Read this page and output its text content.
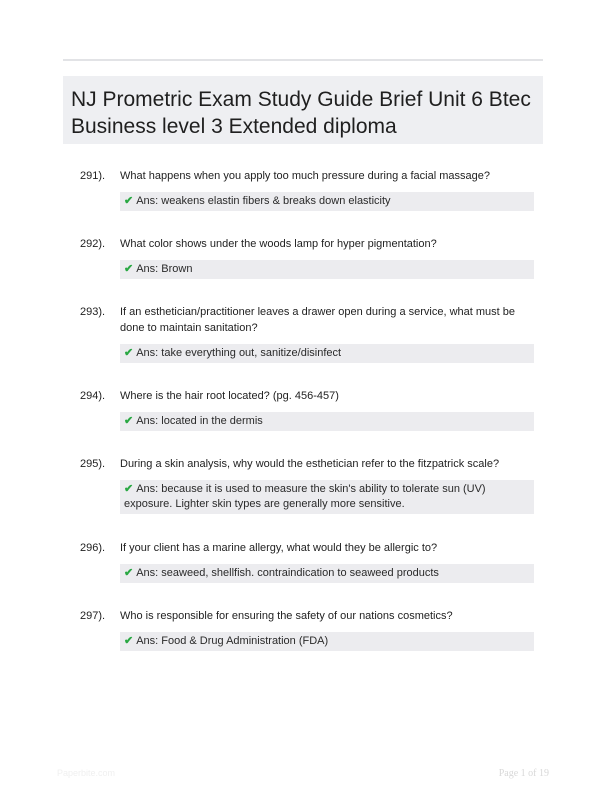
NJ Prometric Exam Study Guide Brief Unit 6 Btec Business level 3 Extended diploma
291).	What happens when you apply too much pressure during a facial massage?
✔ Ans: weakens elastin fibers & breaks down elasticity
292).	What color shows under the woods lamp for hyper pigmentation?
✔ Ans: Brown
293).	If an esthetician/practitioner leaves a drawer open during a service, what must be done to maintain sanitation?
✔ Ans: take everything out, sanitize/disinfect
294).	Where is the hair root located? (pg. 456-457)
✔ Ans: located in the dermis
295).	During a skin analysis, why would the esthetician refer to the fitzpatrick scale?
✔ Ans: because it is used to measure the skin's ability to tolerate sun (UV) exposure. Lighter skin types are generally more sensitive.
296).	If your client has a marine allergy, what would they be allergic to?
✔ Ans: seaweed, shellfish. contraindication to seaweed products
297).	Who is responsible for ensuring the safety of our nations cosmetics?
✔ Ans: Food & Drug Administration (FDA)
Paperbite.com	Page 1 of 19
